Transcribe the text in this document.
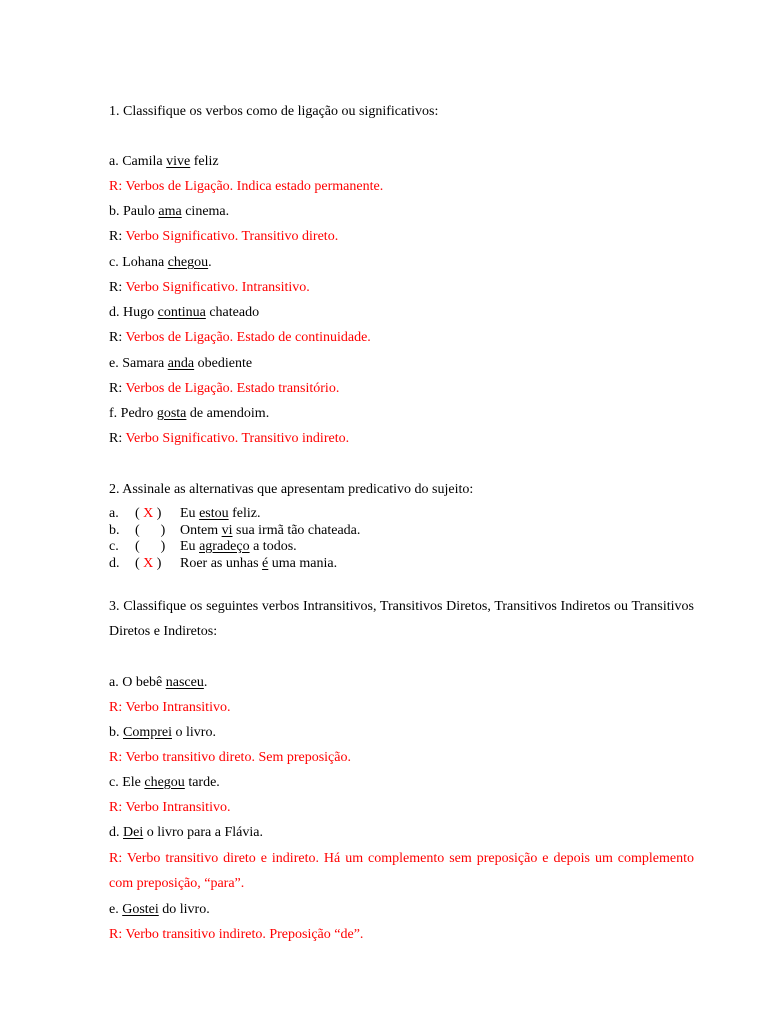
1. Classifique os verbos como de ligação ou significativos:
a. Camila vive feliz
R: Verbos de Ligação. Indica estado permanente.
b. Paulo ama cinema.
R: Verbo Significativo. Transitivo direto.
c. Lohana chegou.
R: Verbo Significativo. Intransitivo.
d. Hugo continua chateado
R: Verbos de Ligação. Estado de continuidade.
e. Samara anda obediente
R: Verbos de Ligação. Estado transitório.
f. Pedro gosta de amendoim.
R: Verbo Significativo. Transitivo indireto.
2. Assinale as alternativas que apresentam predicativo do sujeito:
a. ( X ) Eu estou feliz.
b. (      ) Ontem vi sua irmã tão chateada.
c. (      ) Eu agradeço a todos.
d. ( X ) Roer as unhas é uma mania.
3. Classifique os seguintes verbos Intransitivos, Transitivos Diretos, Transitivos Indiretos ou Transitivos Diretos e Indiretos:
a. O bebê nasceu.
R: Verbo Intransitivo.
b. Comprei o livro.
R: Verbo transitivo direto. Sem preposição.
c. Ele chegou tarde.
R: Verbo Intransitivo.
d. Dei o livro para a Flávia.
R: Verbo transitivo direto e indireto. Há um complemento sem preposição e depois um complemento com preposição, “para”.
e. Gostei do livro.
R: Verbo transitivo indireto. Preposição “de”.
